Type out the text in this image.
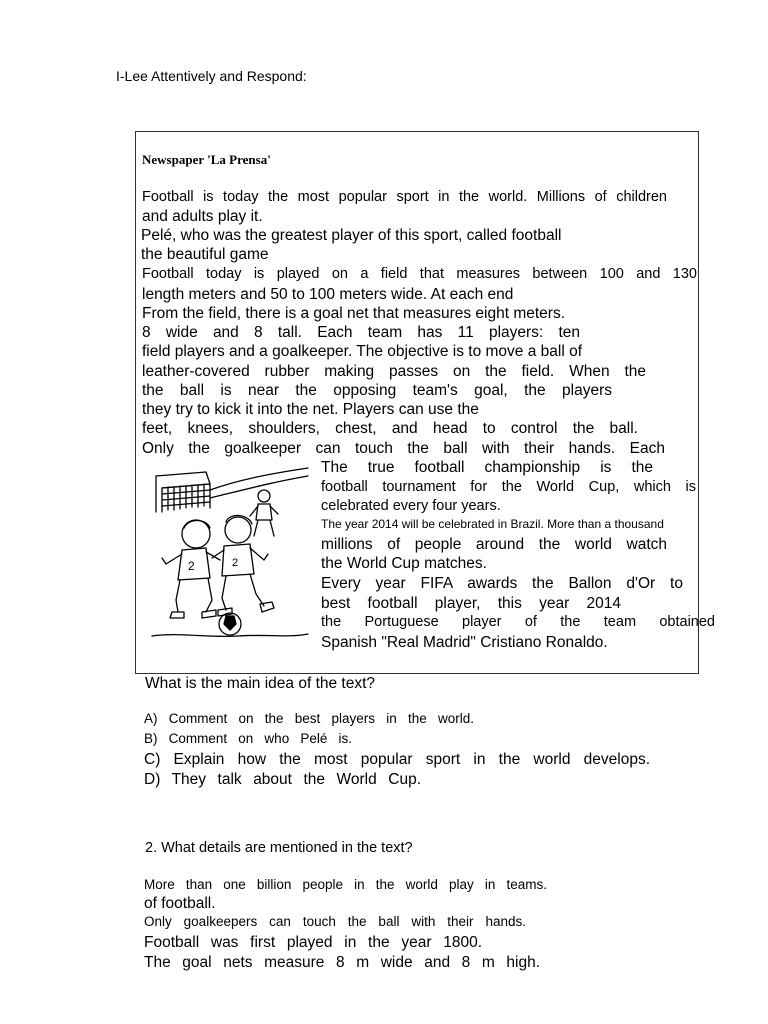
I-Lee Attentively and Respond:
Newspaper 'La Prensa'
Football is today the most popular sport in the world. Millions of children
and adults play it.
Pelé, who was the greatest player of this sport, called football
the beautiful game
Football today is played on a field that measures between 100 and 130
length meters and 50 to 100 meters wide. At each end
From the field, there is a goal net that measures eight meters.
8 wide and 8 tall. Each team has 11 players: ten
field players and a goalkeeper. The objective is to move a ball of
leather-covered rubber making passes on the field. When the
the ball is near the opposing team's goal, the players
they try to kick it into the net. Players can use the
feet, knees, shoulders, chest, and head to control the ball.
Only the goalkeeper can touch the ball with their hands. Each
The true football championship is the
football tournament for the World Cup, which is
celebrated every four years.
The year 2014 will be celebrated in Brazil. More than a thousand
millions of people around the world watch
the World Cup matches.
Every year FIFA awards the Ballon d'Or to
best football player, this year 2014
the Portuguese player of the team obtained
Spanish "Real Madrid" Cristiano Ronaldo.
2	2
What is the main idea of the text?
A) Comment on the best players in the world.
B) Comment on who Pelé is.
C) Explain how the most popular sport in the world develops.
D) They talk about the World Cup.
2. What details are mentioned in the text?
More than one billion people in the world play in teams.
of football.
Only goalkeepers can touch the ball with their hands.
Football was first played in the year 1800.
The goal nets measure 8 m wide and 8 m high.
